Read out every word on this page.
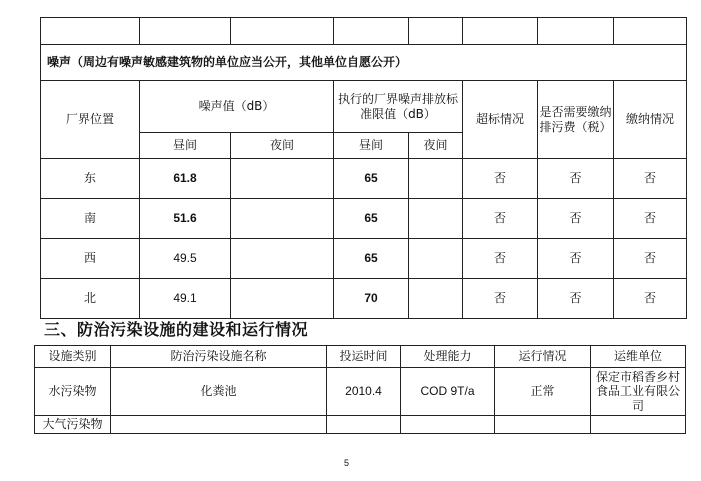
噪声（周边有噪声敏感建筑物的单位应当公开，其他单位自愿公开）							
厂界位置	噪声值（dB）		执行的厂界噪声排放标准限值（dB）		超标情况	是否需要缴纳排污费（税）	缴纳情况
	昼间	夜间	昼间	夜间			
东	61.8		65		否	否	否
南	51.6		65		否	否	否
西	49.5		65		否	否	否
北	49.1		70		否	否	否
三、防治污染设施的建设和运行情况
设施类别	防治污染设施名称	投运时间	处理能力	运行情况	运维单位
水污染物	化粪池	2010.4	COD 9T/a	正常	保定市稻香乡村食品工业有限公司
大气污染物					
5
